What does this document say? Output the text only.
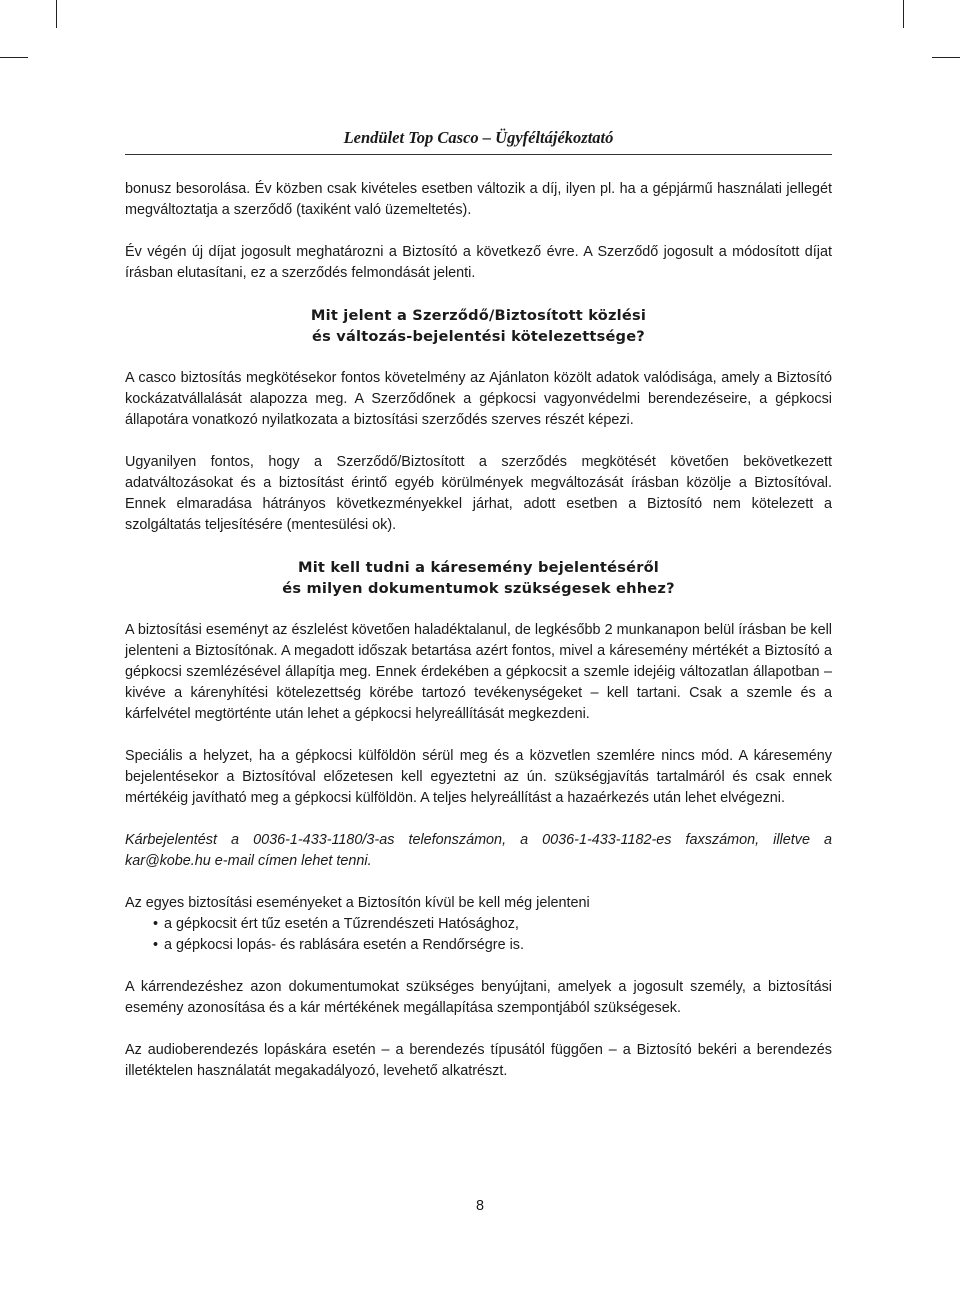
Lendület Top Casco – Ügyféltájékoztató

bonusz besorolása. Év közben csak kivételes esetben változik a díj, ilyen pl. ha a gépjármű használati jellegét megváltoztatja a szerződő (taxiként való üzemeltetés).

Év végén új díjat jogosult meghatározni a Biztosító a következő évre. A Szerződő jogosult a módosított díjat írásban elutasítani, ez a szerződés felmondását jelenti.

Mit jelent a Szerződő/Biztosított közlési
és változás-bejelentési kötelezettsége?

A casco biztosítás megkötésekor fontos követelmény az Ajánlaton közölt adatok valódisága, amely a Biztosító kockázatvállalását alapozza meg. A Szerződőnek a gépkocsi vagyonvédelmi berendezéseire, a gépkocsi állapotára vonatkozó nyilatkozata a biztosítási szerződés szerves részét képezi.

Ugyanilyen fontos, hogy a Szerződő/Biztosított a szerződés megkötését követően bekövetkezett adatváltozásokat és a biztosítást érintő egyéb körülmények megváltozását írásban közölje a Biztosítóval. Ennek elmaradása hátrányos következményekkel járhat, adott esetben a Biztosító nem kötelezett a szolgáltatás teljesítésére (mentesülési ok).

Mit kell tudni a káresemény bejelentéséről
és milyen dokumentumok szükségesek ehhez?

A biztosítási eseményt az észlelést követően haladéktalanul, de legkésőbb 2 munkanapon belül írásban be kell jelenteni a Biztosítónak. A megadott időszak betartása azért fontos, mivel a káresemény mértékét a Biztosító a gépkocsi szemlézésével állapítja meg. Ennek érdekében a gépkocsit a szemle idejéig változatlan állapotban – kivéve a kárenyhítési kötelezettség körébe tartozó tevékenységeket – kell tartani. Csak a szemle és a kárfelvétel megtörténte után lehet a gépkocsi helyreállítását megkezdeni.

Speciális a helyzet, ha a gépkocsi külföldön sérül meg és a közvetlen szemlére nincs mód. A káresemény bejelentésekor a Biztosítóval előzetesen kell egyeztetni az ún. szükségjavítás tartalmáról és csak ennek mértékéig javítható meg a gépkocsi külföldön. A teljes helyreállítást a hazaérkezés után lehet elvégezni.

Kárbejelentést a 0036-1-433-1180/3-as telefonszámon, a 0036-1-433-1182-es faxszámon, illetve a kar@kobe.hu e-mail címen lehet tenni.

Az egyes biztosítási eseményeket a Biztosítón kívül be kell még jelenteni

• a gépkocsit ért tűz esetén a Tűzrendészeti Hatósághoz,
• a gépkocsi lopás- és rablására esetén a Rendőrségre is.

A kárrendezéshez azon dokumentumokat szükséges benyújtani, amelyek a jogosult személy, a biztosítási esemény azonosítása és a kár mértékének megállapítása szempontjából szükségesek.

Az audioberendezés lopáskára esetén – a berendezés típusától függően – a Biztosító bekéri a berendezés illetéktelen használatát megakadályozó, levehető alkatrészt.

8
